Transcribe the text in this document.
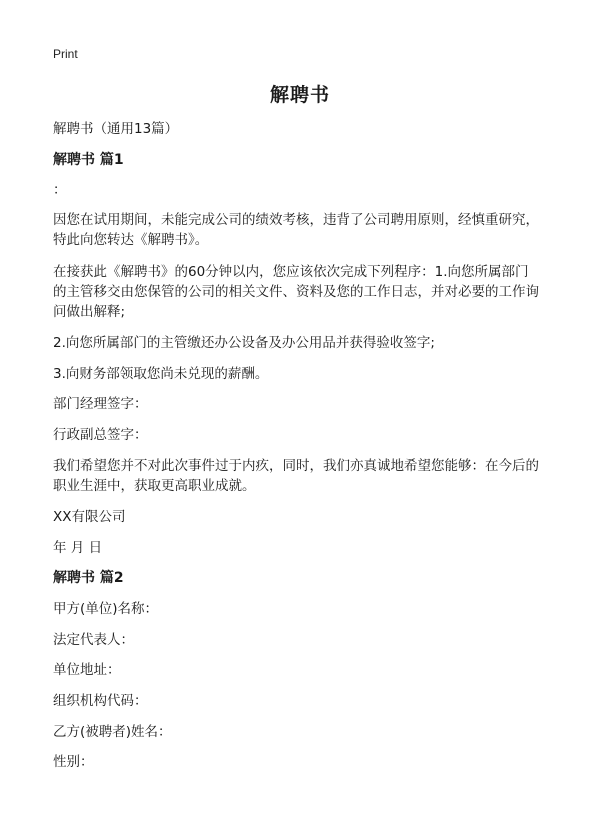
Print
解聘书

解聘书（通用13篇）

解聘书 篇1

：

因您在试用期间，未能完成公司的绩效考核，违背了公司聘用原则，经慎重研究，

特此向您转达《解聘书》。

在接获此《解聘书》的60分钟以内，您应该依次完成下列程序：1.向您所属部门

的主管移交由您保管的公司的相关文件、资料及您的工作日志，并对必要的工作询

问做出解释;

2.向您所属部门的主管缴还办公设备及办公用品并获得验收签字;

3.向财务部领取您尚未兑现的薪酬。

部门经理签字：

行政副总签字：

我们希望您并不对此次事件过于内疚，同时，我们亦真诚地希望您能够：在今后的

职业生涯中，获取更高职业成就。

XX有限公司

年 月 日

解聘书 篇2

甲方(单位)名称：

法定代表人：

单位地址：

组织机构代码：

乙方(被聘者)姓名：

性别：
